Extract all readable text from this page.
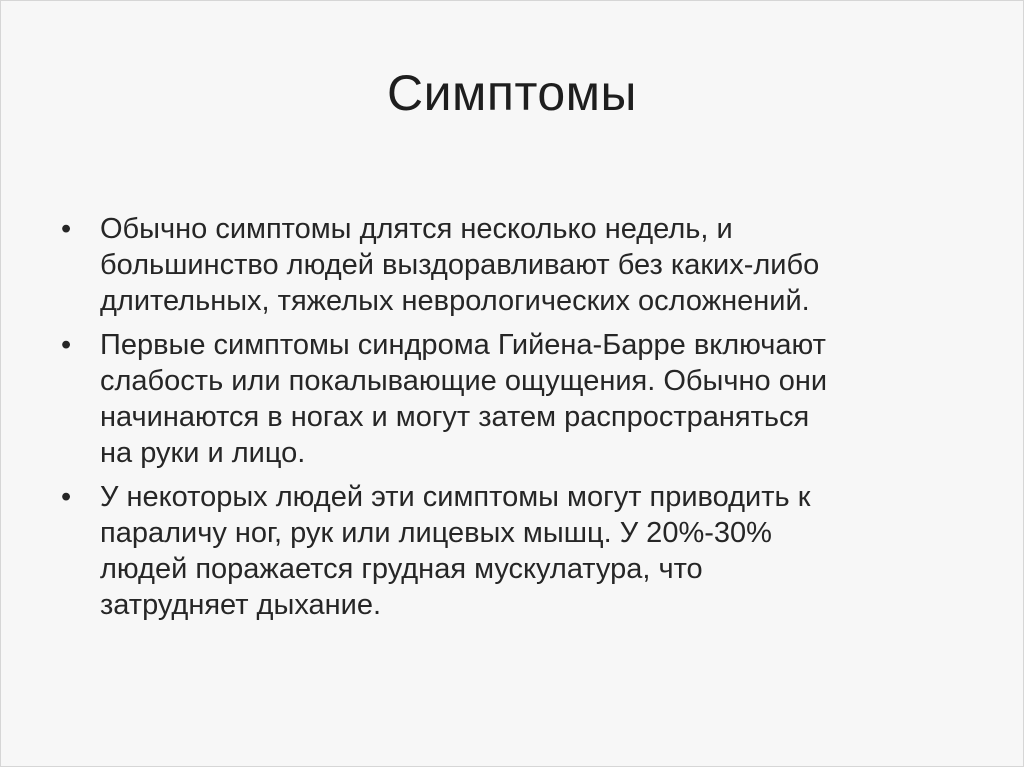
Симптомы
• Обычно симптомы длятся несколько недель, и
большинство людей выздоравливают без каких-либо
длительных, тяжелых неврологических осложнений.
• Первые симптомы синдрома Гийена-Барре включают
слабость или покалывающие ощущения. Обычно они
начинаются в ногах и могут затем распространяться
на руки и лицо.
• У некоторых людей эти симптомы могут приводить к
параличу ног, рук или лицевых мышц. У 20%-30%
людей поражается грудная мускулатура, что
затрудняет дыхание.
